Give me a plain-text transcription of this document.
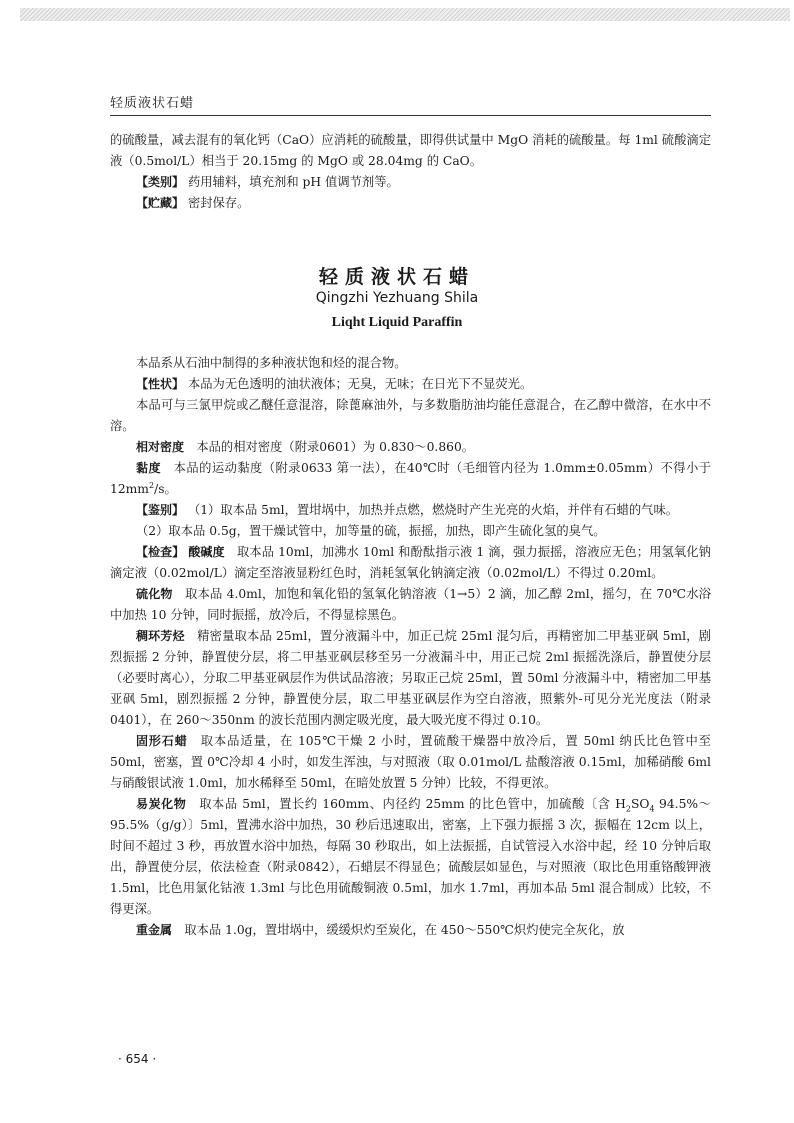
轻质液状石蜡

的硫酸量，减去混有的氧化钙（CaO）应消耗的硫酸量，即得供试量中 MgO 消耗的硫酸量。每 1ml 硫酸滴定液（0.5mol/L）相当于 20.15mg 的 MgO 或 28.04mg 的 CaO。

【类别】 药用辅料，填充剂和 pH 值调节剂等。

【贮藏】 密封保存。

轻质液状石蜡
Qingzhi Yezhuang Shila
Liqht Liquid Paraffin

本品系从石油中制得的多种液状饱和烃的混合物。

【性状】 本品为无色透明的油状液体；无臭，无味；在日光下不显荧光。

本品可与三氯甲烷或乙醚任意混溶，除蓖麻油外，与多数脂肪油均能任意混合，在乙醇中微溶，在水中不溶。

相对密度　 本品的相对密度（附录0601）为 0.830～0.860。

黏度　 本品的运动黏度（附录0633 第一法），在40℃时（毛细管内径为 1.0mm±0.05mm）不得小于 $12mm^2/s$。

【鉴别】 （1）取本品 5ml，置坩埚中，加热并点燃，燃烧时产生光亮的火焰，并伴有石蜡的气味。

（2）取本品 0.5g，置干燥试管中，加等量的硫，振摇，加热，即产生硫化氢的臭气。

【检查】 酸碱度　 取本品 10ml，加沸水 10ml 和酚酞指示液 1 滴，强力振摇，溶液应无色；用氢氧化钠滴定液（0.02mol/L）滴定至溶液显粉红色时，消耗氢氧化钠滴定液（0.02mol/L）不得过 0.20ml。

硫化物　 取本品 4.0ml，加饱和氧化铅的氢氧化钠溶液（1→5）2 滴，加乙醇 2ml，摇匀，在 70℃水浴中加热 10 分钟，同时振摇，放冷后，不得显棕黑色。

稠环芳烃　 精密量取本品 25ml，置分液漏斗中，加正己烷 25ml 混匀后，再精密加二甲基亚砜 5ml，剧烈振摇 2 分钟，静置使分层，将二甲基亚砜层移至另一分液漏斗中，用正己烷 2ml 振摇洗涤后，静置使分层（必要时离心），分取二甲基亚砜层作为供试品溶液；另取正己烷 25ml，置 50ml 分液漏斗中，精密加二甲基亚砜 5ml，剧烈振摇 2 分钟，静置使分层，取二甲基亚砜层作为空白溶液，照紫外-可见分光光度法（附录0401），在 260～350nm 的波长范围内测定吸光度，最大吸光度不得过 0.10。

固形石蜡　 取本品适量，在 105℃干燥 2 小时，置硫酸干燥器中放冷后，置 50ml 纳氏比色管中至 50ml，密塞，置 0℃冷却 4 小时，如发生浑浊，与对照液（取 0.01mol/L 盐酸溶液 0.15ml，加稀硝酸 6ml 与硝酸银试液 1.0ml，加水稀释至 50ml，在暗处放置 5 分钟）比较，不得更浓。

易炭化物　 取本品 5ml，置长约 160mm、内径约 25mm 的比色管中，加硫酸〔含 $H_2SO_4$ 94.5%～95.5%（g/g）〕5ml，置沸水浴中加热，30 秒后迅速取出，密塞，上下强力振摇 3 次，振幅在 12cm 以上，时间不超过 3 秒，再放置水浴中加热，每隔 30 秒取出，如上法振摇，自试管浸入水浴中起，经 10 分钟后取出，静置使分层，依法检查（附录0842），石蜡层不得显色；硫酸层如显色，与对照液（取比色用重铬酸钾液 1.5ml，比色用氯化钴液 1.3ml 与比色用硫酸铜液 0.5ml，加水 1.7ml，再加本品 5ml 混合制成）比较，不得更深。

重金属　 取本品 1.0g，置坩埚中，缓缓炽灼至炭化，在 450～550℃炽灼使完全灰化，放

· 654 ·
